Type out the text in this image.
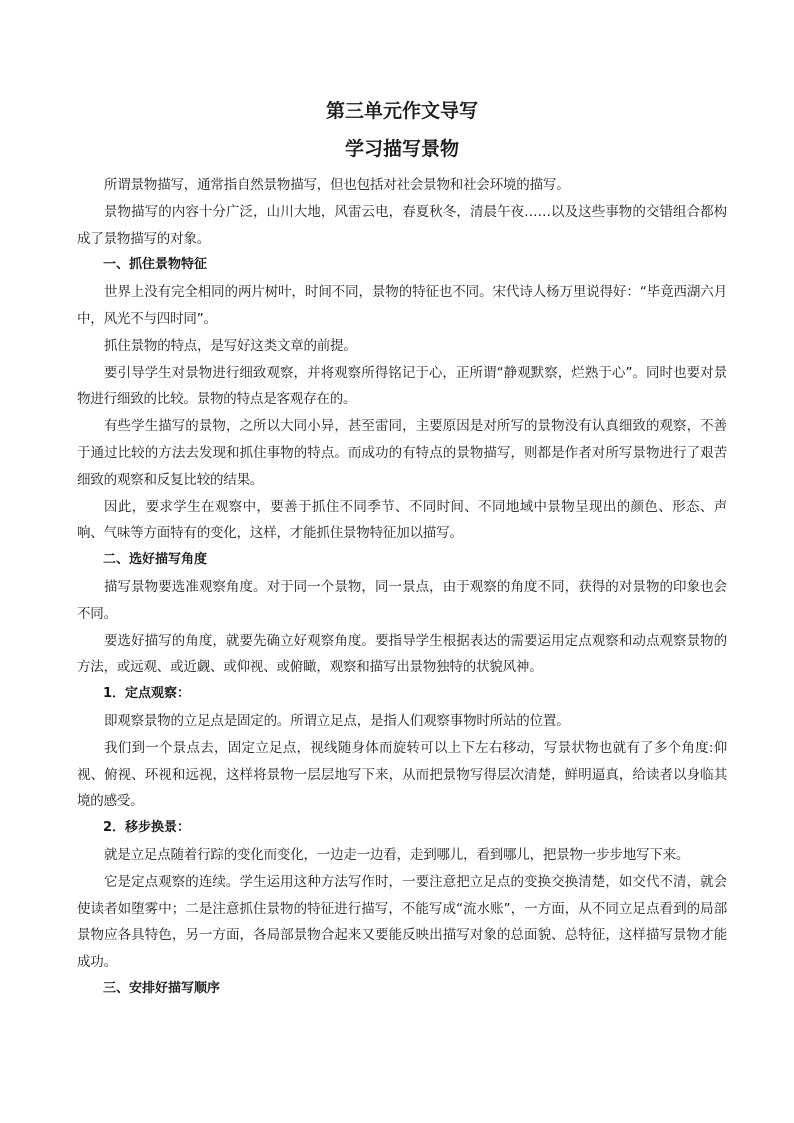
第三单元作文导写
学习描写景物

所谓景物描写，通常指自然景物描写，但也包括对社会景物和社会环境的描写。

景物描写的内容十分广泛，山川大地，风雷云电，春夏秋冬，清晨午夜……以及这些事物的交错组合都构成了景物描写的对象。

一、抓住景物特征

世界上没有完全相同的两片树叶，时间不同，景物的特征也不同。宋代诗人杨万里说得好：“毕竟西湖六月中，风光不与四时同”。

抓住景物的特点，是写好这类文章的前提。

要引导学生对景物进行细致观察，并将观察所得铭记于心，正所谓“静观默察，烂熟于心”。同时也要对景物进行细致的比较。景物的特点是客观存在的。

有些学生描写的景物，之所以大同小异，甚至雷同，主要原因是对所写的景物没有认真细致的观察，不善于通过比较的方法去发现和抓住事物的特点。而成功的有特点的景物描写，则都是作者对所写景物进行了艰苦细致的观察和反复比较的结果。

因此，要求学生在观察中，要善于抓住不同季节、不同时间、不同地域中景物呈现出的颜色、形态、声响、气味等方面特有的变化，这样，才能抓住景物特征加以描写。

二、选好描写角度

描写景物要选准观察角度。对于同一个景物，同一景点，由于观察的角度不同，获得的对景物的印象也会不同。

要选好描写的角度，就要先确立好观察角度。要指导学生根据表达的需要运用定点观察和动点观察景物的方法，或远观、或近觑、或仰视、或俯瞰，观察和描写出景物独特的状貌风神。

1．定点观察：

即观察景物的立足点是固定的。所谓立足点，是指人们观察事物时所站的位置。

我们到一个景点去，固定立足点，视线随身体而旋转可以上下左右移动，写景状物也就有了多个角度:仰视、俯视、环视和远视，这样将景物一层层地写下来，从而把景物写得层次清楚，鲜明逼真，给读者以身临其境的感受。

2．移步换景：

就是立足点随着行踪的变化而变化，一边走一边看，走到哪儿，看到哪儿，把景物一步步地写下来。

它是定点观察的连续。学生运用这种方法写作时，一要注意把立足点的变换交换清楚，如交代不清，就会使读者如堕雾中；二是注意抓住景物的特征进行描写，不能写成“流水账”，一方面，从不同立足点看到的局部景物应各具特色，另一方面，各局部景物合起来又要能反映出描写对象的总面貌、总特征，这样描写景物才能成功。

三、安排好描写顺序
